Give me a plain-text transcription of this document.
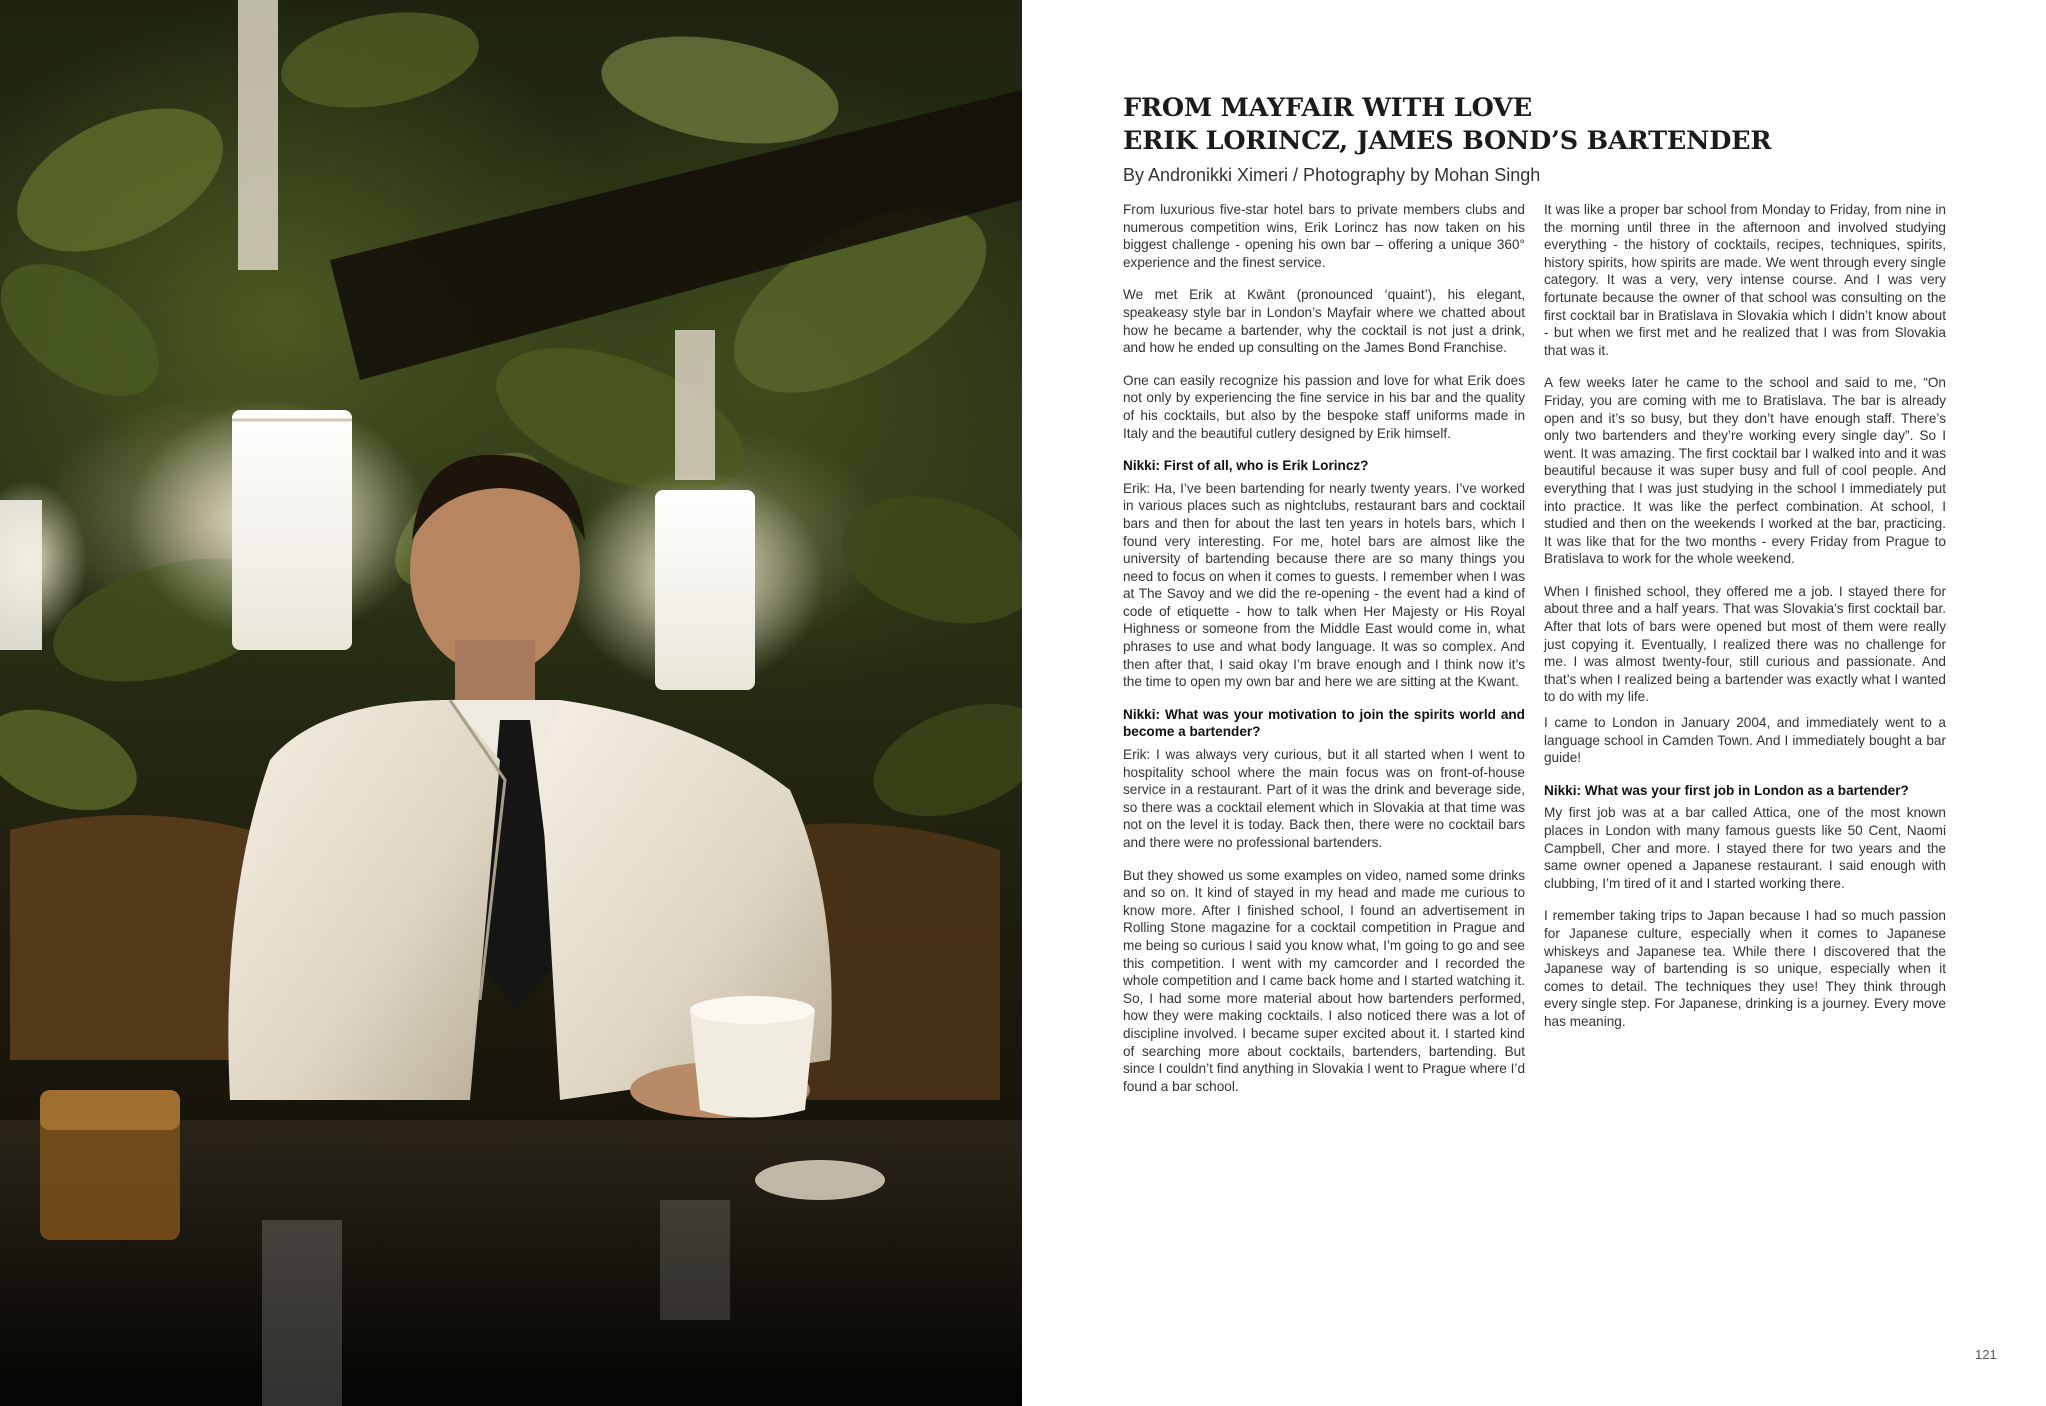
FROM MAYFAIR WITH LOVE
ERIK LORINCZ, JAMES BOND’S BARTENDER

By Andronikki Ximeri / Photography by Mohan Singh

From luxurious five-star hotel bars to private members clubs and numerous competition wins, Erik Lorincz has now taken on his biggest challenge - opening his own bar – offering a unique 360° experience and the finest service.

We met Erik at Kwānt (pronounced ‘quaint’), his elegant, speakeasy style bar in London’s Mayfair where we chatted about how he became a bartender, why the cocktail is not just a drink, and how he ended up consulting on the James Bond Franchise.

One can easily recognize his passion and love for what Erik does not only by experiencing the fine service in his bar and the quality of his cocktails, but also by the bespoke staff uniforms made in Italy and the beautiful cutlery designed by Erik himself.

Nikki: First of all, who is Erik Lorincz?

Erik: Ha, I’ve been bartending for nearly twenty years. I’ve worked in various places such as nightclubs, restaurant bars and cocktail bars and then for about the last ten years in hotels bars, which I found very interesting. For me, hotel bars are almost like the university of bartending because there are so many things you need to focus on when it comes to guests. I remember when I was at The Savoy and we did the re-opening - the event had a kind of code of etiquette - how to talk when Her Majesty or His Royal Highness or someone from the Middle East would come in, what phrases to use and what body language. It was so complex. And then after that, I said okay I’m brave enough and I think now it’s the time to open my own bar and here we are sitting at the Kwant.

Nikki: What was your motivation to join the spirits world and become a bartender?

Erik: I was always very curious, but it all started when I went to hospitality school where the main focus was on front-of-house service in a restaurant. Part of it was the drink and beverage side, so there was a cocktail element which in Slovakia at that time was not on the level it is today. Back then, there were no cocktail bars and there were no professional bartenders.

But they showed us some examples on video, named some drinks and so on. It kind of stayed in my head and made me curious to know more. After I finished school, I found an advertisement in Rolling Stone magazine for a cocktail competition in Prague and me being so curious I said you know what, I’m going to go and see this competition. I went with my camcorder and I recorded the whole competition and I came back home and I started watching it. So, I had some more material about how bartenders performed, how they were making cocktails. I also noticed there was a lot of discipline involved. I became super excited about it. I started kind of searching more about cocktails, bartenders, bartending. But since I couldn’t find anything in Slovakia I went to Prague where I’d found a bar school.

It was like a proper bar school from Monday to Friday, from nine in the morning until three in the afternoon and involved studying everything - the history of cocktails, recipes, techniques, spirits, history spirits, how spirits are made. We went through every single category. It was a very, very intense course. And I was very fortunate because the owner of that school was consulting on the first cocktail bar in Bratislava in Slovakia which I didn’t know about - but when we first met and he realized that I was from Slovakia that was it.

A few weeks later he came to the school and said to me, “On Friday, you are coming with me to Bratislava. The bar is already open and it’s so busy, but they don’t have enough staff. There’s only two bartenders and they’re working every single day”. So I went. It was amazing. The first cocktail bar I walked into and it was beautiful because it was super busy and full of cool people. And everything that I was just studying in the school I immediately put into practice. It was like the perfect combination. At school, I studied and then on the weekends I worked at the bar, practicing. It was like that for the two months - every Friday from Prague to Bratislava to work for the whole weekend.

When I finished school, they offered me a job. I stayed there for about three and a half years. That was Slovakia’s first cocktail bar. After that lots of bars were opened but most of them were really just copying it. Eventually, I realized there was no challenge for me. I was almost twenty-four, still curious and passionate. And that’s when I realized being a bartender was exactly what I wanted to do with my life.

I came to London in January 2004, and immediately went to a language school in Camden Town. And I immediately bought a bar guide!

Nikki: What was your first job in London as a bartender?

My first job was at a bar called Attica, one of the most known places in London with many famous guests like 50 Cent, Naomi Campbell, Cher and more. I stayed there for two years and the same owner opened a Japanese restaurant. I said enough with clubbing, I’m tired of it and I started working there.

I remember taking trips to Japan because I had so much passion for Japanese culture, especially when it comes to Japanese whiskeys and Japanese tea. While there I discovered that the Japanese way of bartending is so unique, especially when it comes to detail. The techniques they use! They think through every single step. For Japanese, drinking is a journey. Every move has meaning.

121
